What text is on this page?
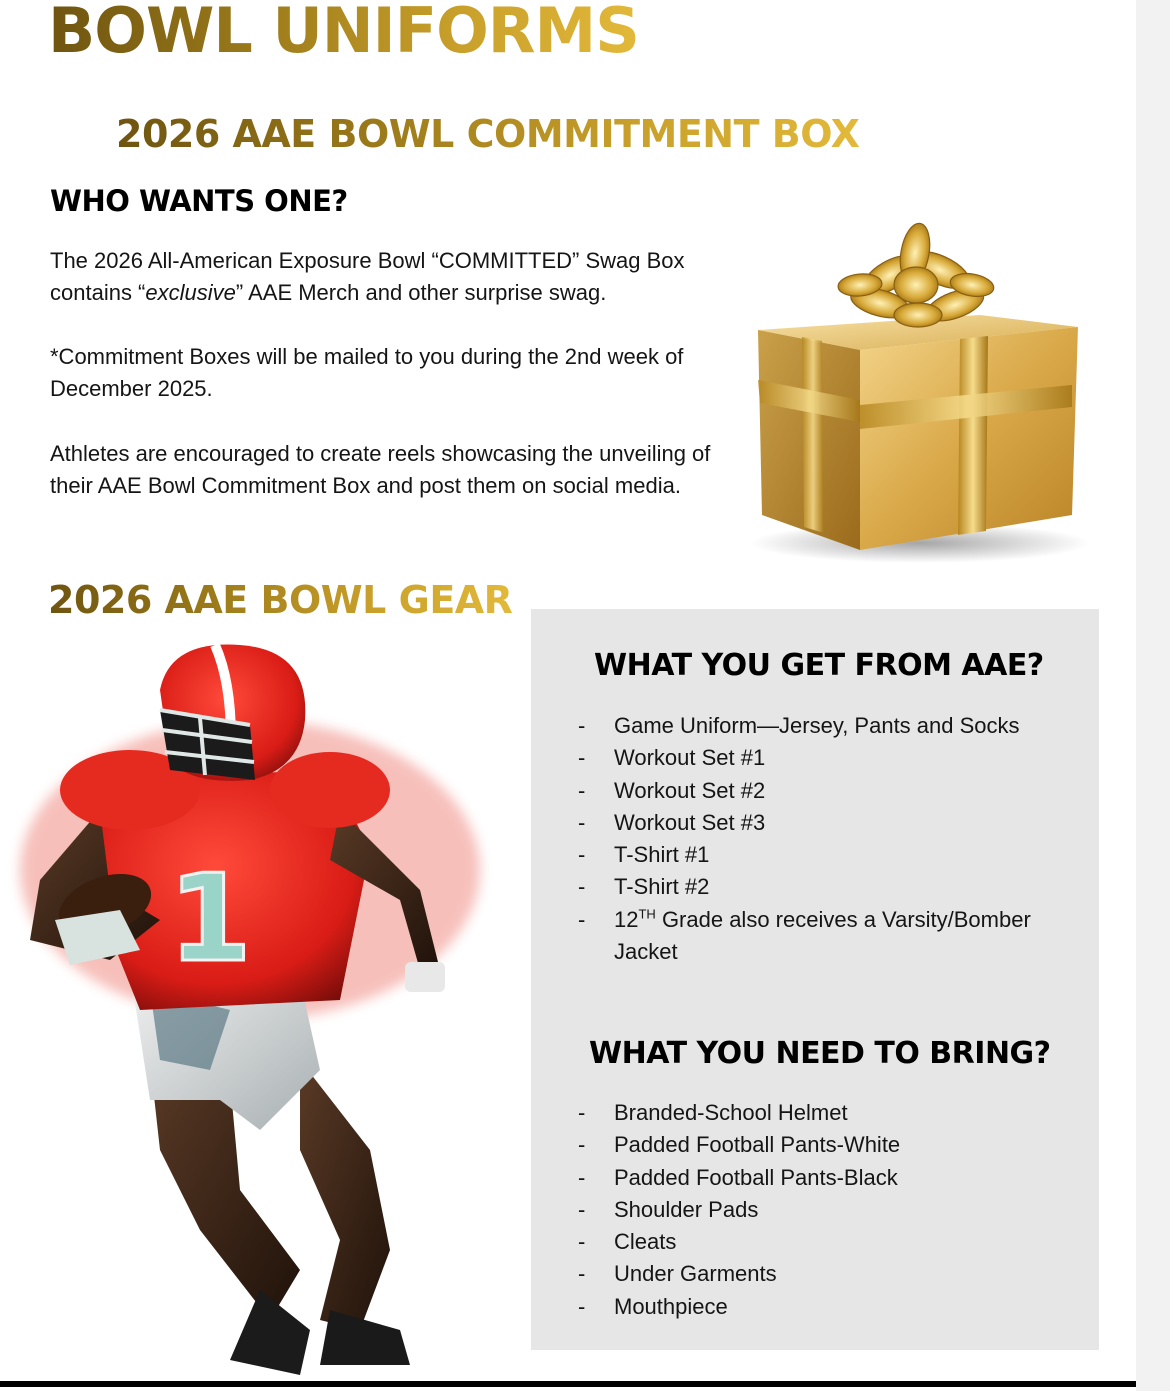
BOWL UNIFORMS
2026 AAE BOWL COMMITMENT BOX
WHO WANTS ONE?

The 2026 All-American Exposure Bowl “COMMITTED” Swag Box contains “exclusive” AAE Merch and other surprise swag.

*Commitment Boxes will be mailed to you during the 2nd week of December 2025.

Athletes are encouraged to create reels showcasing the unveiling of their AAE Bowl Commitment Box and post them on social media.

1
2026 AAE BOWL GEAR
WHAT YOU GET FROM AAE?
- Game Uniform—Jersey, Pants and Socks
- Workout Set #1
- Workout Set #2
- Workout Set #3
- T-Shirt #1
- T-Shirt #2
- 12TH Grade also receives a Varsity/Bomber Jacket
WHAT YOU NEED TO BRING?
- Branded-School Helmet
- Padded Football Pants-White
- Padded Football Pants-Black
- Shoulder Pads
- Cleats
- Under Garments
- Mouthpiece
